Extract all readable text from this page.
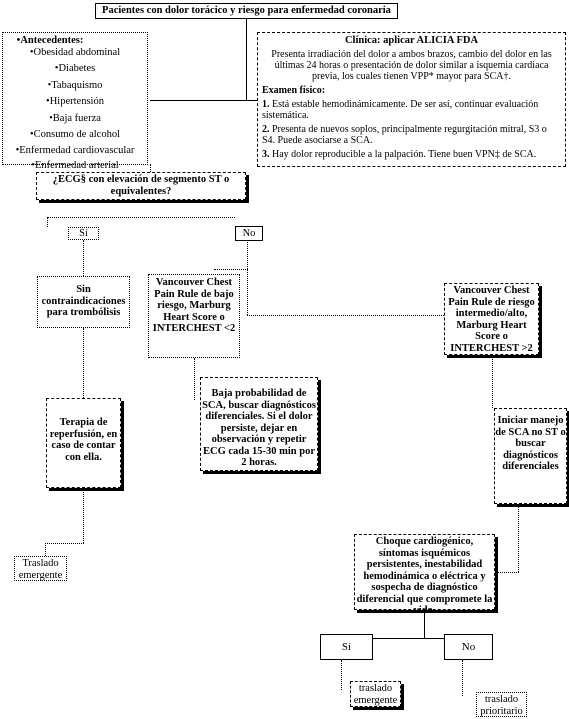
Pacientes con dolor torácico y riesgo para enfermedad coronaria
•Antecedentes:
•Obesidad abdominal
•Diabetes
•Tabaquismo
•Hipertensión
•Baja fuerza
•Consumo de alcohol
•Enfermedad cardiovascular
•Enfermedad arterial
Clínica: aplicar ALICIA FDA
Presenta irradiación del dolor a ambos brazos, cambio del dolor en las últimas 24 horas o presentación de dolor similar a isquemia cardiaca previa, los cuales tienen VPP* mayor para SCA†.
Examen físico:
1. Está estable hemodinámicamente. De ser así, continuar evaluación sistemática.
2. Presenta de nuevos soplos, principalmente regurgitación mitral, S3 o S4. Puede asociarse a SCA.
3. Hay dolor reproducible a la palpación. Tiene buen VPN‡ de SCA.
¿ECG§ con elevación de segmento ST o equivalentes?
Sí	No
Sin contraindicaciones para trombólisis
Terapia de reperfusión, en caso de contar con ella.
Traslado emergente
Vancouver Chest Pain Rule de bajo riesgo, Marburg Heart Score o INTERCHEST <2
Baja probabilidad de SCA, buscar diagnósticos diferenciales. Si el dolor persiste, dejar en observación y repetir ECG cada 15-30 min por 2 horas.
Vancouver Chest Pain Rule de riesgo intermedio/alto, Marburg Heart Score o INTERCHEST >2
Iniciar manejo de SCA no ST o buscar diagnósticos diferenciales
Choque cardiogénico, síntomas isquémicos persistentes, inestabilidad hemodinámica o eléctrica y sospecha de diagnóstico diferencial que compromete la vida.
Sí	No
traslado emergente	traslado prioritario
